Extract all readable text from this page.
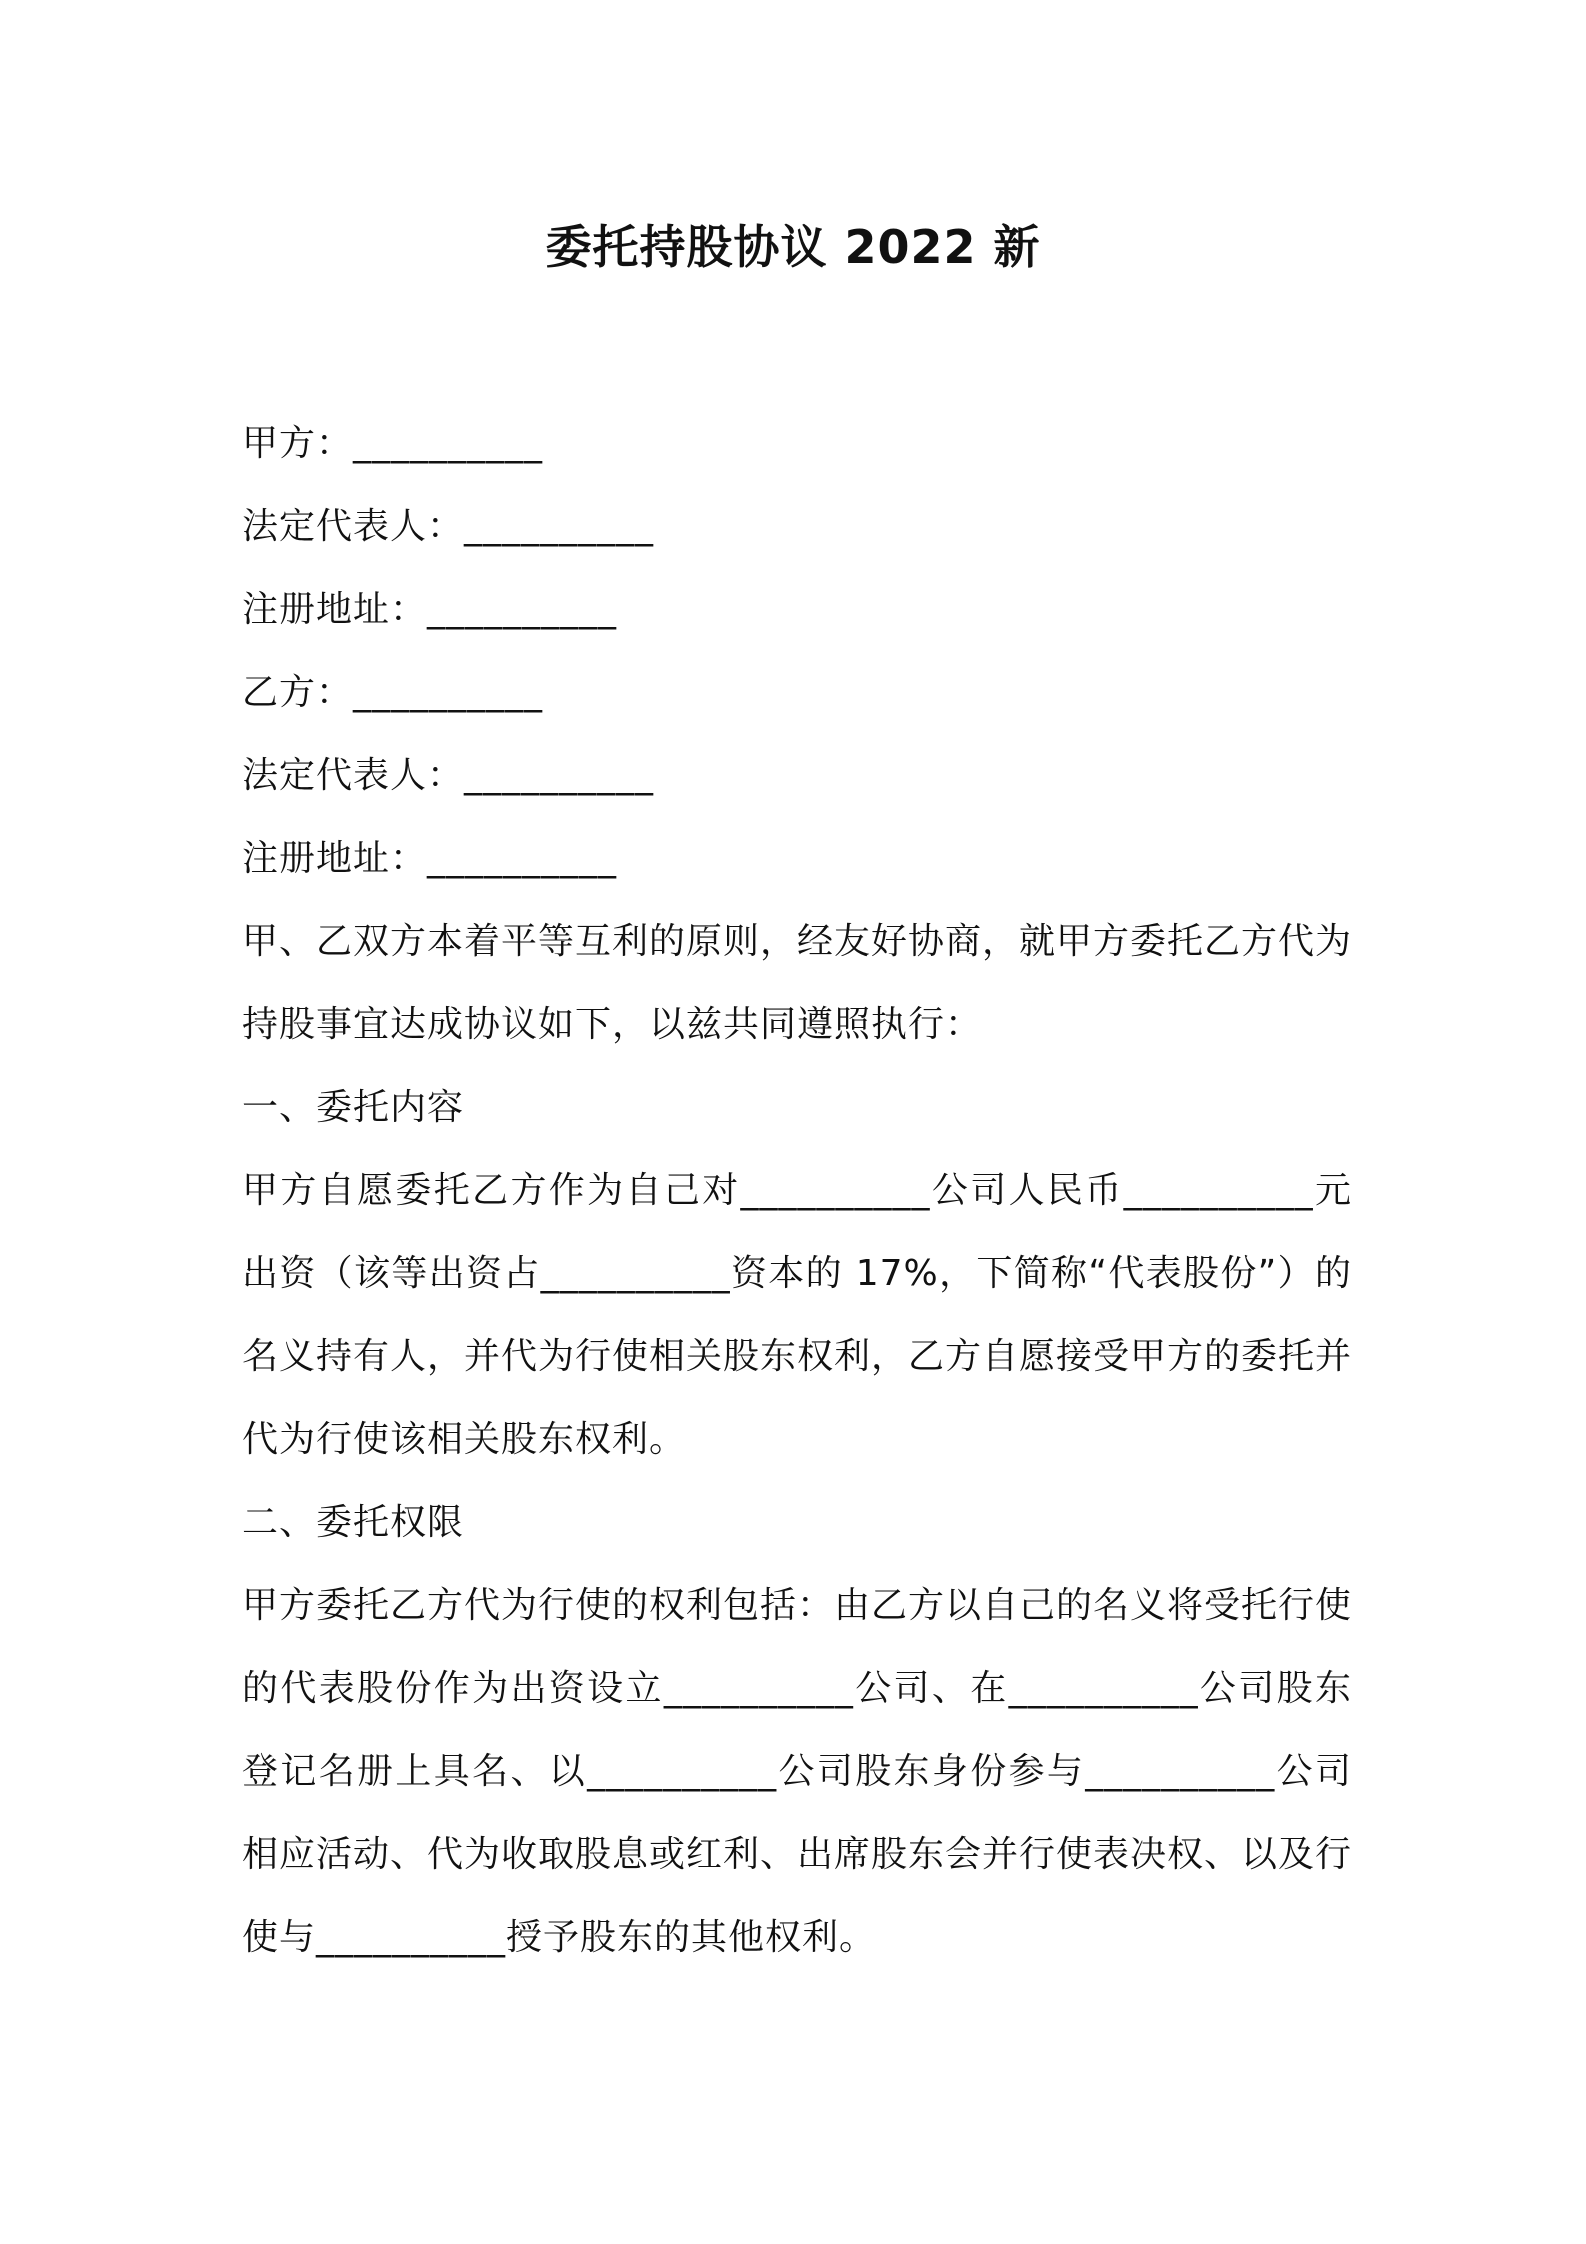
委托持股协议 2022 新
甲方：__________
法定代表人：__________
注册地址：__________
乙方：__________
法定代表人：__________
注册地址：__________
甲、乙双方本着平等互利的原则，经友好协商，就甲方委托乙方代为持股事宜达成协议如下，以兹共同遵照执行：
一、委托内容
甲方自愿委托乙方作为自己对__________公司人民币__________元出资（该等出资占__________资本的 17%，下简称“代表股份”）的名义持有人，并代为行使相关股东权利，乙方自愿接受甲方的委托并代为行使该相关股东权利。
二、委托权限
甲方委托乙方代为行使的权利包括：由乙方以自己的名义将受托行使的代表股份作为出资设立__________公司、在__________公司股东登记名册上具名、以__________公司股东身份参与__________公司相应活动、代为收取股息或红利、出席股东会并行使表决权、以及行使与__________授予股东的其他权利。
